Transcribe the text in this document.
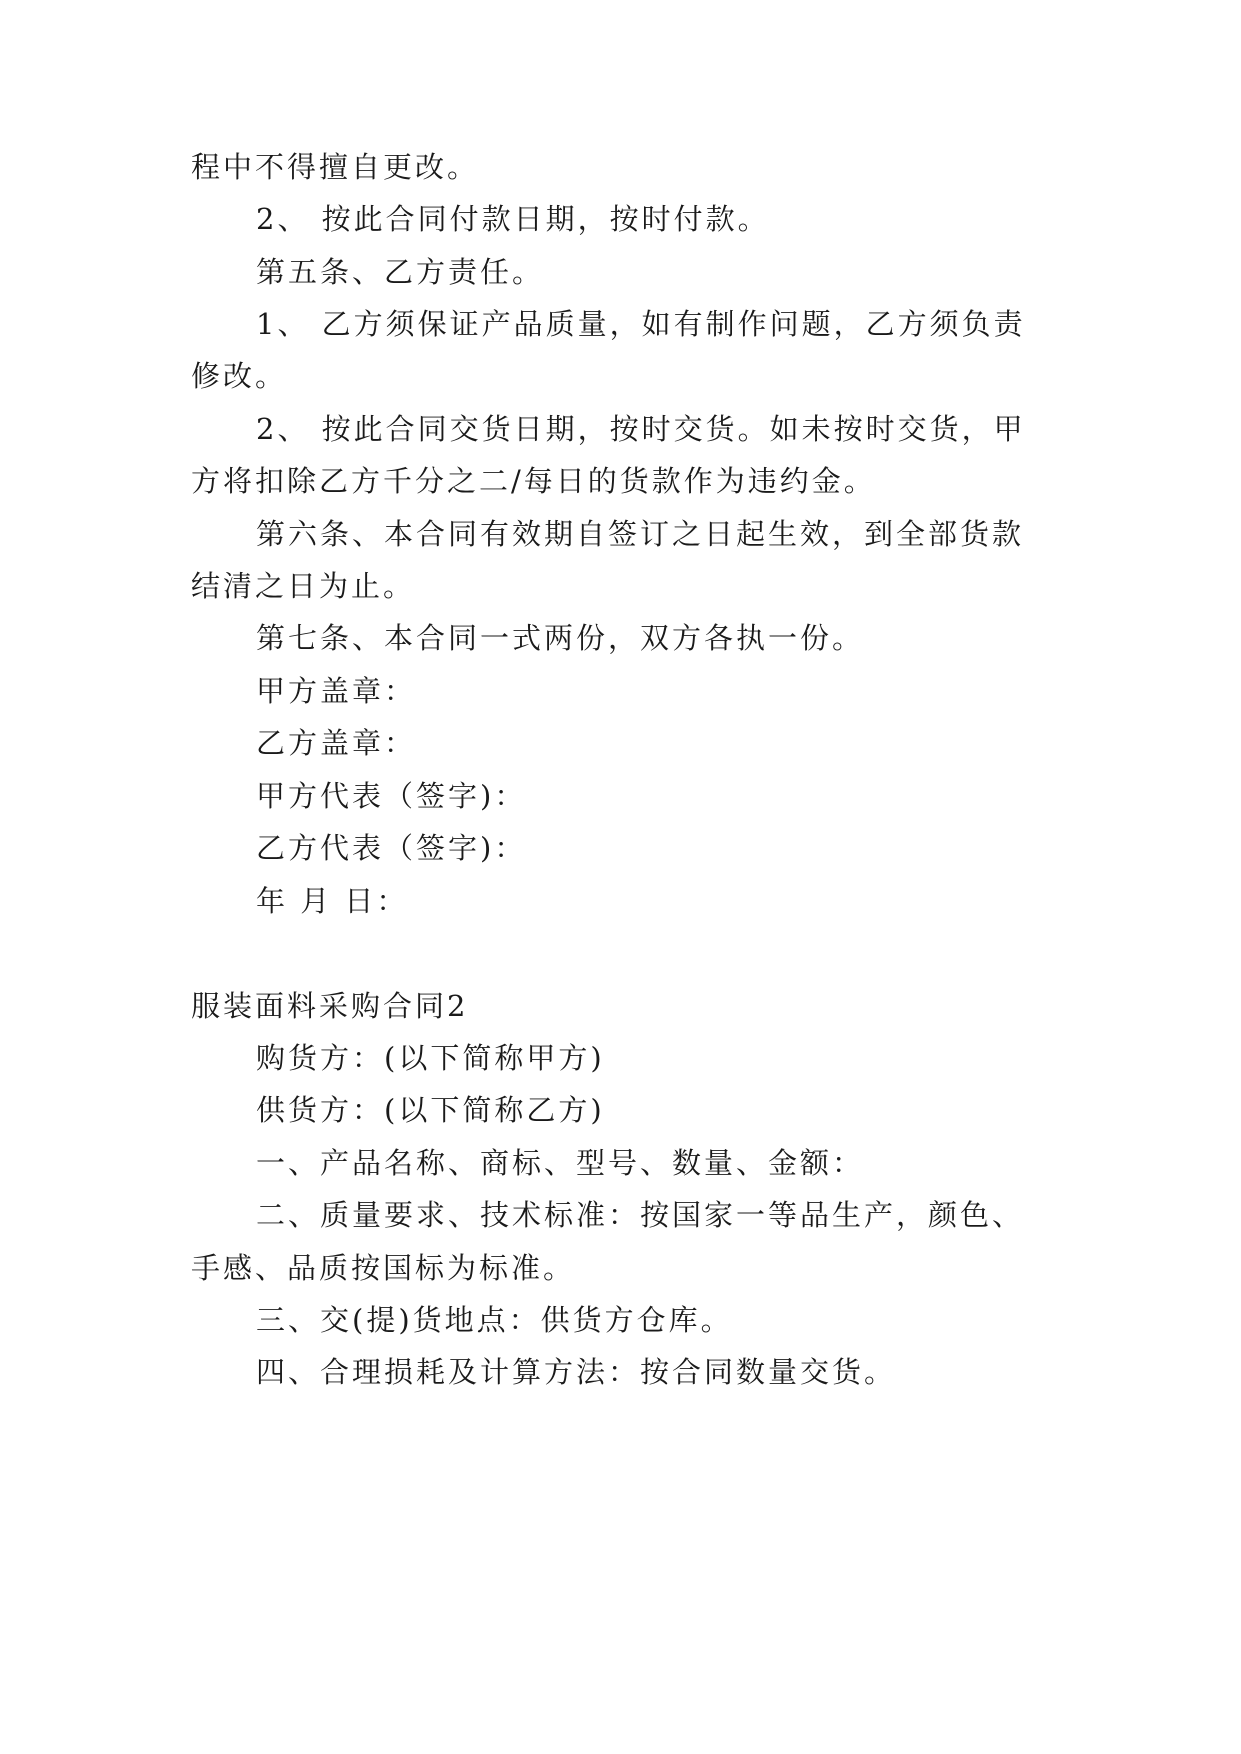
程中不得擅自更改。
2、 按此合同付款日期，按时付款。
第五条、乙方责任。
1、 乙方须保证产品质量，如有制作问题，乙方须负责
修改。
2、 按此合同交货日期，按时交货。如未按时交货，甲
方将扣除乙方千分之二/每日的货款作为违约金。
第六条、本合同有效期自签订之日起生效，到全部货款
结清之日为止。
第七条、本合同一式两份，双方各执一份。
甲方盖章：
乙方盖章：
甲方代表（签字)：
乙方代表（签字)：
年 月 日：
服装面料采购合同2
购货方：(以下简称甲方)
供货方：(以下简称乙方)
一、产品名称、商标、型号、数量、金额：
二、质量要求、技术标准：按国家一等品生产，颜色、
手感、品质按国标为标准。
三、交(提)货地点：供货方仓库。
四、合理损耗及计算方法：按合同数量交货。
